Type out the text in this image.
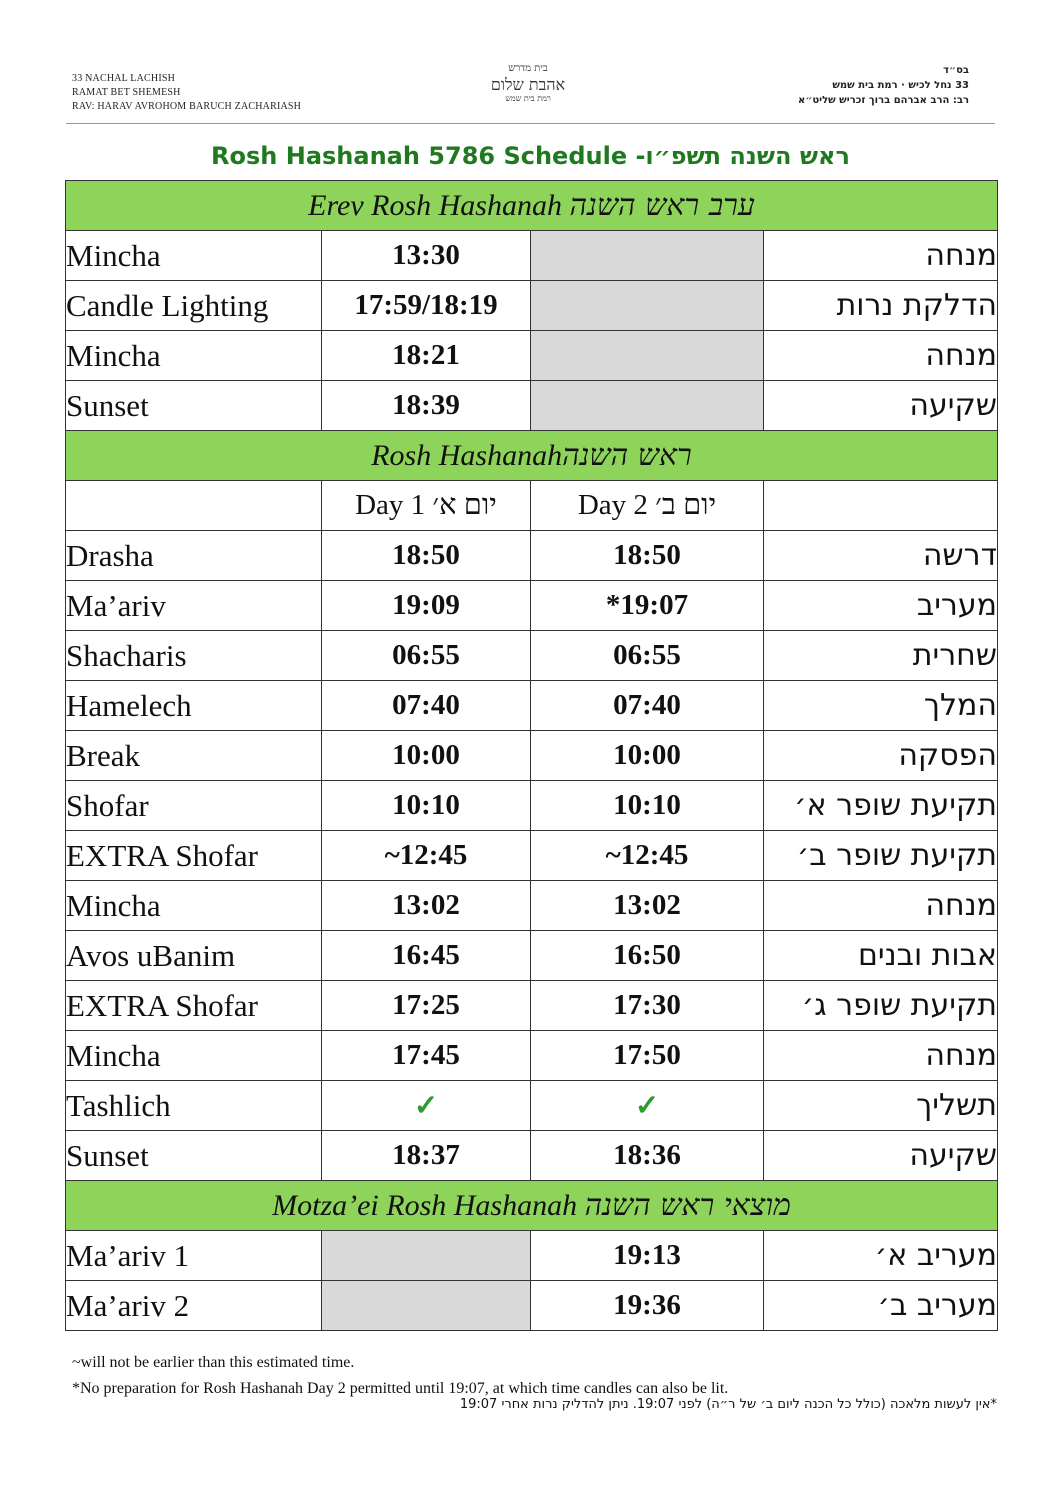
33 NACHAL LACHISH
RAMAT BET SHEMESH
RAV: HARAV AVROHOM BARUCH ZACHARIASH
בית מדרש
אהבת שלום
רמת בית שמש
בס״ד
33 נחל לכיש · רמת בית שמש
רב: הרב אברהם ברוך זכריש שליט״א
Rosh Hashanah 5786 Schedule -ראש השנה תשפ״ו
Erev Rosh Hashanah ערב ראש השנה			
Mincha	13:30		מנחה
Candle Lighting	17:59/18:19		הדלקת נרות
Mincha	18:21		מנחה
Sunset	18:39		שקיעה
Rosh Hashanahראש השנה			
	Day 1 יום א׳	Day 2 יום ב׳	
Drasha	18:50	18:50	דרשה
Ma’ariv	19:09	*19:07	מעריב
Shacharis	06:55	06:55	שחרית
Hamelech	07:40	07:40	המלך
Break	10:00	10:00	הפסקה
Shofar	10:10	10:10	תקיעת שופר א׳
EXTRA Shofar	~12:45	~12:45	תקיעת שופר ב׳
Mincha	13:02	13:02	מנחה
Avos uBanim	16:45	16:50	אבות ובנים
EXTRA Shofar	17:25	17:30	תקיעת שופר ג׳
Mincha	17:45	17:50	מנחה
Tashlich	✓	✓	תשליך
Sunset	18:37	18:36	שקיעה
Motza’ei Rosh Hashanah מוצאי ראש השנה			
Ma’ariv 1		19:13	מעריב א׳
Ma’ariv 2		19:36	מעריב ב׳
~will not be earlier than this estimated time.
*No preparation for Rosh Hashanah Day 2 permitted until 19:07, at which time candles can also be lit.
*אין לעשות מלאכה (כולל כל הכנה ליום ב׳ של ר״ה) לפני 19:07. ניתן להדליק נרות אחרי 19:07
